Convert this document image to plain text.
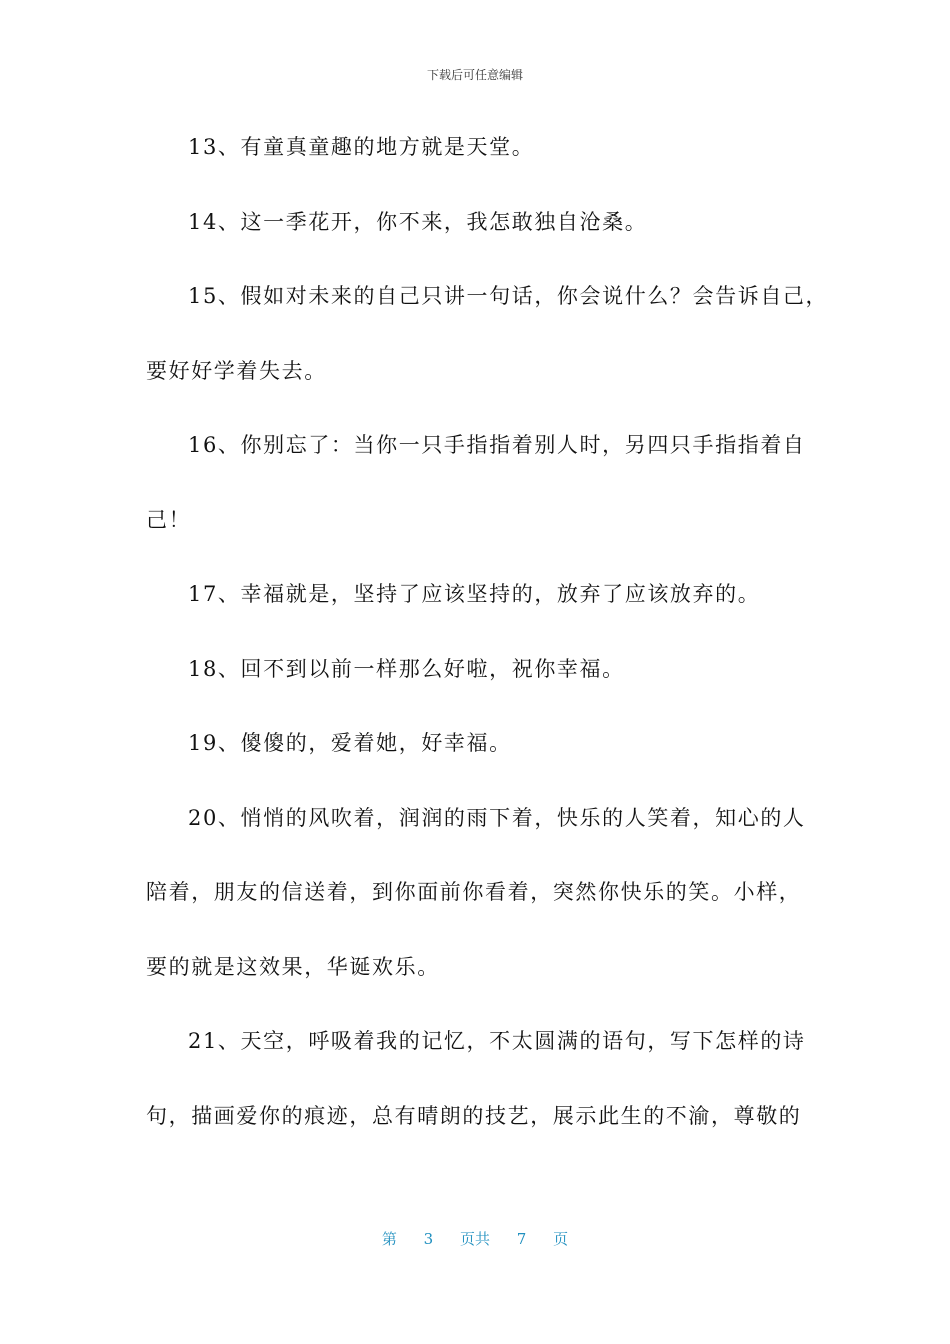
下载后可任意编辑
13、有童真童趣的地方就是天堂。
14、这一季花开，你不来，我怎敢独自沧桑。
15、假如对未来的自己只讲一句话，你会说什么？会告诉自己，
要好好学着失去。
16、你别忘了：当你一只手指指着别人时，另四只手指指着自
己！
17、幸福就是，坚持了应该坚持的，放弃了应该放弃的。
18、回不到以前一样那么好啦，祝你幸福。
19、傻傻的，爱着她，好幸福。
20、悄悄的风吹着，润润的雨下着，快乐的人笑着，知心的人
陪着，朋友的信送着，到你面前你看着，突然你快乐的笑。小样，
要的就是这效果，华诞欢乐。
21、天空，呼吸着我的记忆，不太圆满的语句，写下怎样的诗
句，描画爱你的痕迹，总有晴朗的技艺，展示此生的不渝，尊敬的
第 3 页共 7 页
